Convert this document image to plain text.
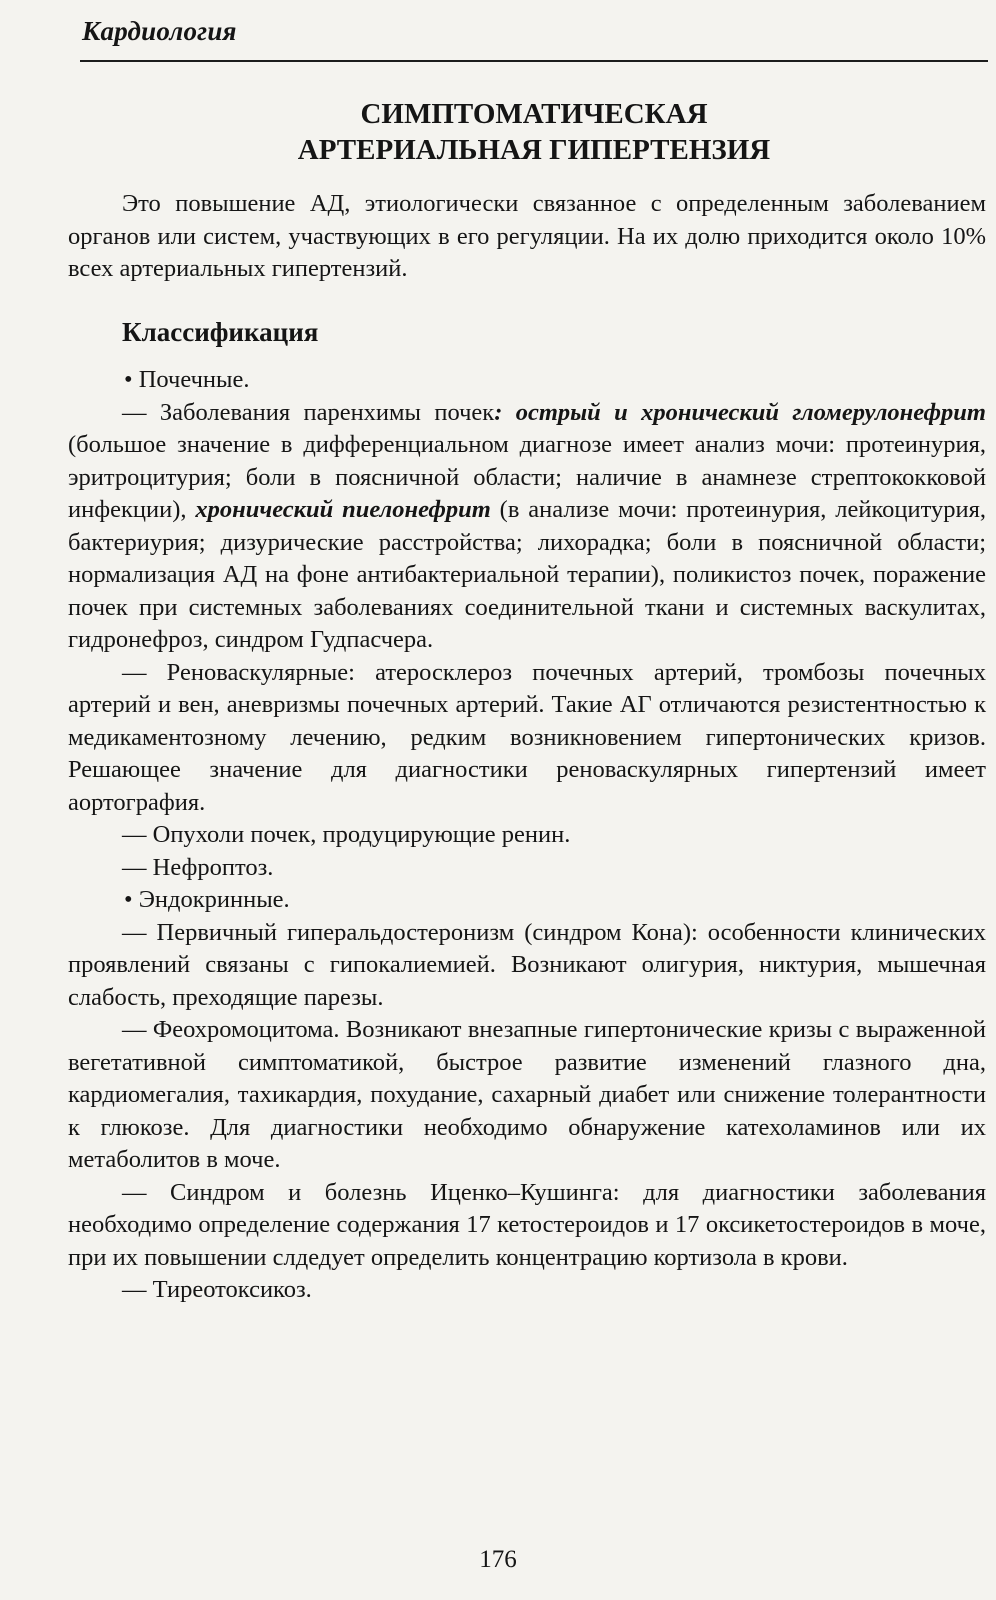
Кардиология
СИМПТОМАТИЧЕСКАЯ
АРТЕРИАЛЬНАЯ ГИПЕРТЕНЗИЯ

Это повышение АД, этиологически связанное с определенным заболеванием органов или систем, участвующих в его регуляции. На их долю приходится около 10% всех артериальных гипертензий.

Классификация

• Почечные.

— Заболевания паренхимы почек: острый и хронический гломерулонефрит (большое значение в дифференциальном диагнозе имеет анализ мочи: протеинурия, эритроцитурия; боли в поясничной области; наличие в анамнезе стрептококковой инфекции), хронический пиелонефрит (в анализе мочи: протеинурия, лейкоцитурия, бактериурия; дизурические расстройства; лихорадка; боли в поясничной области; нормализация АД на фоне антибактериальной терапии), поликистоз почек, поражение почек при системных заболеваниях соединительной ткани и системных васкулитах, гидронефроз, синдром Гудпасчера.

— Реноваскулярные: атеросклероз почечных артерий, тромбозы почечных артерий и вен, аневризмы почечных артерий. Такие АГ отличаются резистентностью к медикаментозному лечению, редким возникновением гипертонических кризов. Решающее значение для диагностики реноваскулярных гипертензий имеет аортография.

— Опухоли почек, продуцирующие ренин.

— Нефроптоз.

• Эндокринные.

— Первичный гиперальдостеронизм (синдром Кона): особенности клинических проявлений связаны с гипокалиемией. Возникают олигурия, никтурия, мышечная слабость, преходящие парезы.

— Феохромоцитома. Возникают внезапные гипертонические кризы с выраженной вегетативной симптоматикой, быстрое развитие изменений глазного дна, кардиомегалия, тахикардия, похудание, сахарный диабет или снижение толерантности к глюкозе. Для диагностики необходимо обнаружение катехоламинов или их метаболитов в моче.

— Синдром и болезнь Иценко–Кушинга: для диагностики заболевания необходимо определение содержания 17 кетостероидов и 17 оксикетостероидов в моче, при их повышении слдедует определить концентрацию кортизола в крови.

— Тиреотоксикоз.

176
